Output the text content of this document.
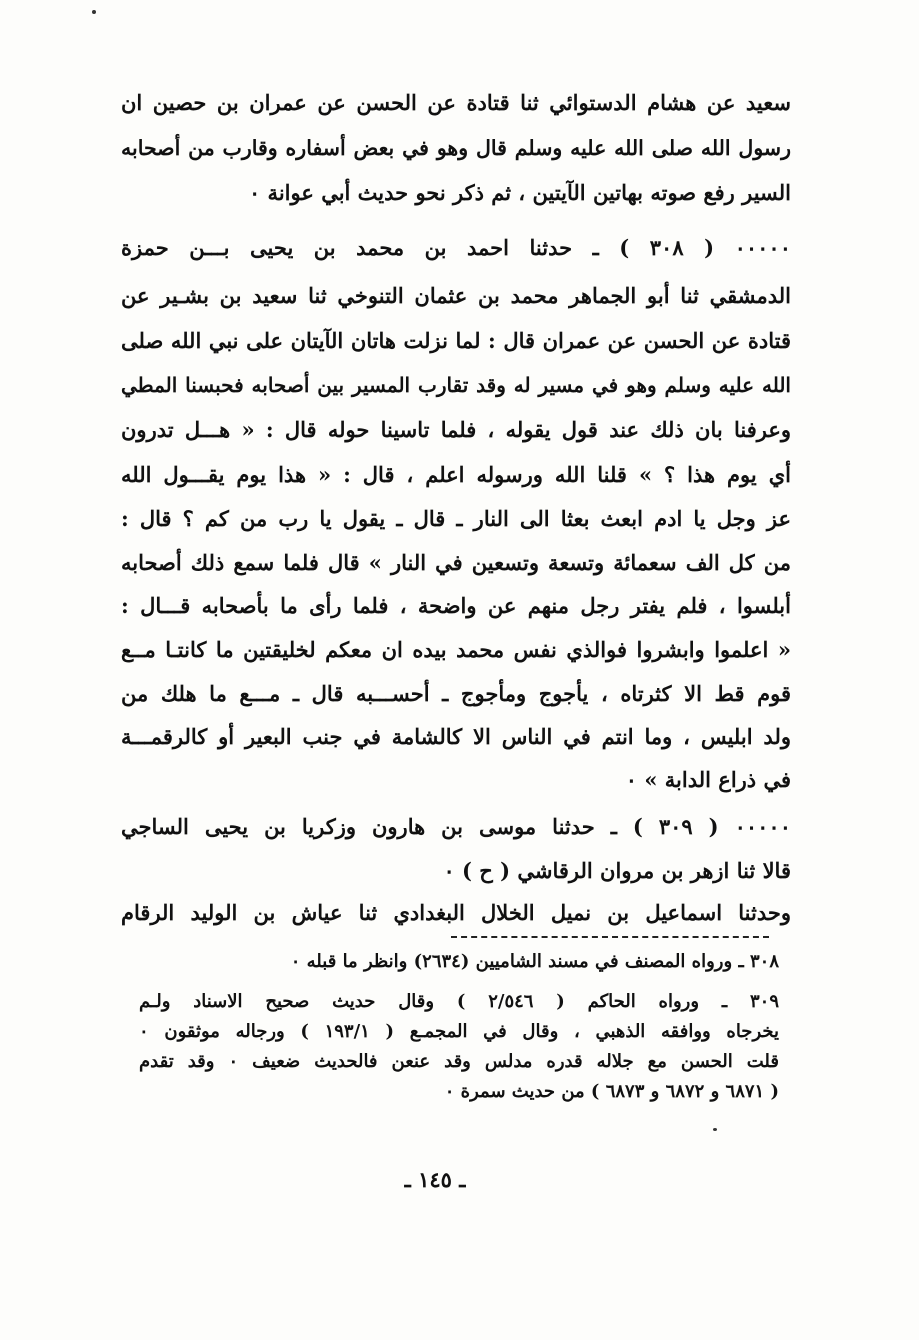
سعيد عن هشام الدستوائي ثنا قتادة عن الحسن عن عمران بن حصين ان
رسول الله صلى الله عليه وسلم قال وهو في بعض أسفاره وقارب من أصحابه
السير رفع صوته بهاتين الآيتين ، ثم ذكر نحو حديث أبي عوانة ٠
٠٠٠٠٠ ( ٣٠٨ ) ـ حدثنا احمد بن محمد بن يحيى بـــن حمزة
الدمشقي ثنا أبو الجماهر محمد بن عثمان التنوخي ثنا سعيد بن بشـير عن
قتادة عن الحسن عن عمران قال : لما نزلت هاتان الآيتان على نبي الله صلى
الله عليه وسلم وهو في مسير له وقد تقارب المسير بين أصحابه فحبسنا المطي
وعرفنا بان ذلك عند قول يقوله ، فلما تاسينا حوله قال : « هـــل تدرون
أي يوم هذا ؟ » قلنا الله ورسوله اعلم ، قال : « هذا يوم يقـــول الله
عز وجل يا ادم ابعث بعثا الى النار ـ قال ـ يقول يا رب من كم ؟ قال :
من كل الف سعمائة وتسعة وتسعين في النار » قال فلما سمع ذلك أصحابه
أبلسوا ، فلم يفتر رجل منهم عن واضحة ، فلما رأى ما بأصحابه قـــال :
« اعلموا وابشروا فوالذي نفس محمد بيده ان معكم لخليقتين ما كانتـا مــع
قوم قط الا كثرتاه ، يأجوج ومأجوج ـ أحســـبه قال ـ مـــع ما هلك من
ولد ابليس ، وما انتم في الناس الا كالشامة في جنب البعير أو كالرقمـــة
في ذراع الدابة » ٠
٠٠٠٠٠ ( ٣٠٩ ) ـ حدثنا موسى بن هارون وزكريا بن يحيى الساجي
قالا ثنا ازهر بن مروان الرقاشي ( ح ) ٠
وحدثنا اسماعيل بن نميل الخلال البغدادي ثنا عياش بن الوليد الرقام
٣٠٨ ـ ورواه المصنف في مسند الشاميين (٢٦٣٤) وانظر ما قبله ٠
٣٠٩ ـ ورواه الحاكم ( ٢/٥٤٦ ) وقال حديث صحيح الاسناد ولـم
يخرجاه ووافقه الذهبي ، وقال في المجمـع ( ١٩٣/١ ) ورجاله موثقون ٠
قلت الحسن مع جلاله قدره مدلس وقد عنعن فالحديث ضعيف ٠ وقد تقدم
( ٦٨٧١ و ٦٨٧٢ و ٦٨٧٣ ) من حديث سمرة ٠
ـ ١٤٥ ـ
